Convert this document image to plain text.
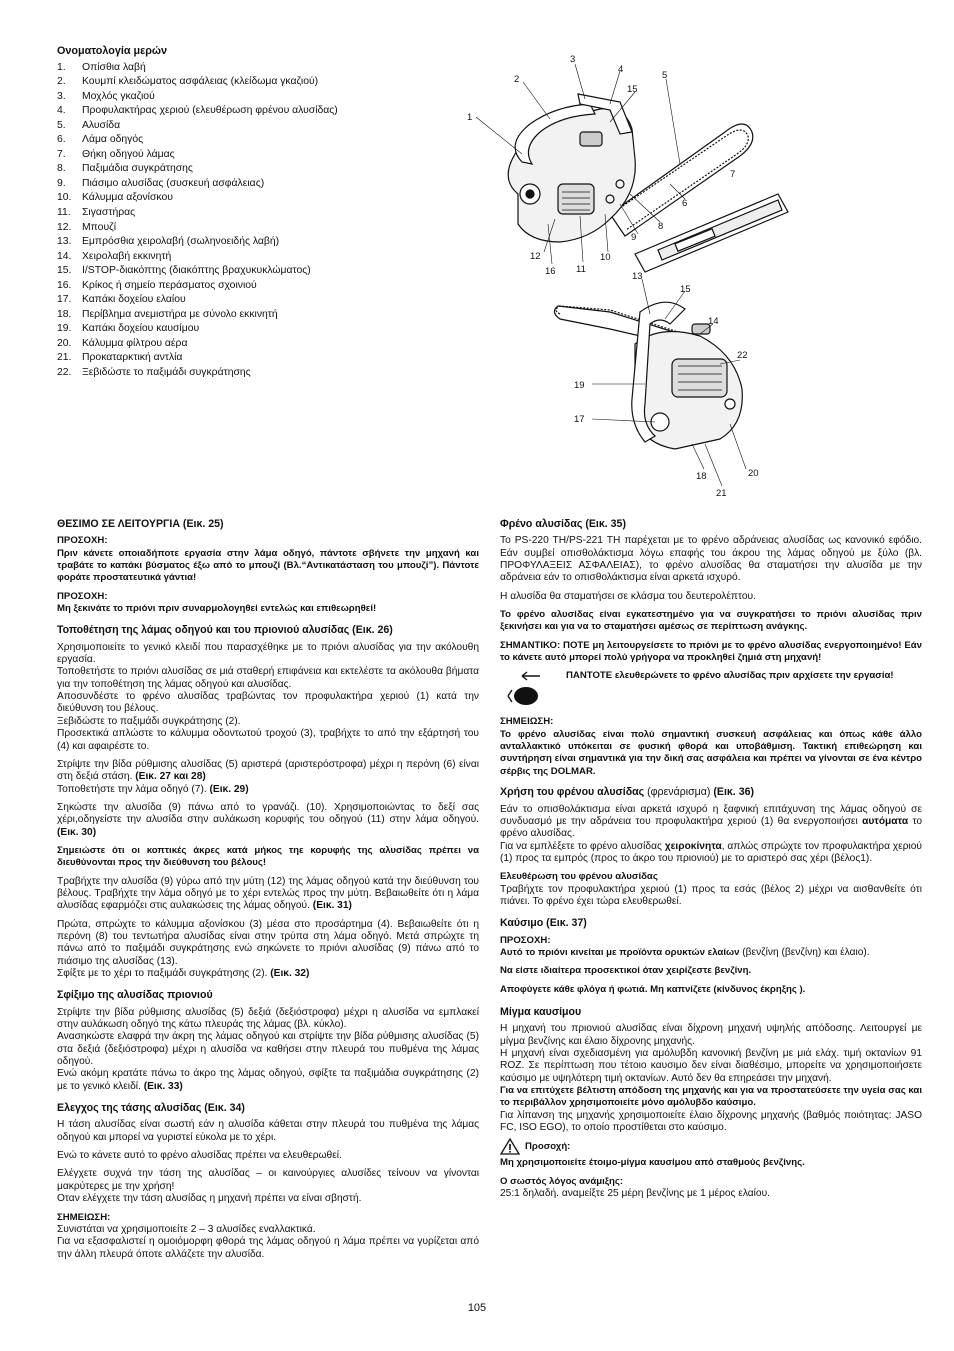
Ονοματολογία μερών
1.	Οπίσθια λαβή
2.	Κουμπί κλειδώματος ασφάλειας (κλείδωμα γκαζιού)
3.	Μοχλός γκαζιού
4.	Προφυλακτήρας χεριού (ελευθέρωση φρένου αλυσίδας)
5.	Αλυσίδα
6.	Λάμα οδηγός
7.	Θήκη οδηγού λάμας
8.	Παξιμάδια συγκράτησης
9.	Πιάσιμο αλυσίδας (συσκευή ασφάλειας)
10.	Κάλυμμα αξονίσκου
11.	Σιγαστήρας
12.	Μπουζί
13.	Εμπρόσθια χειρολαβή (σωληνοειδής λαβή)
14.	Χειρολαβή εκκινητή
15.	I/STOP-διακόπτης (διακόπτης βραχυκυκλώματος)
16.	Κρίκος ή σημείο περάσματος σχοινιού
17.	Καπάκι δοχείου ελαίου
18.	Περίβλημα ανεμιστήρα με σύνολο εκκινητή
19.	Καπάκι δοχείου καυσίμου
20.	Κάλυμμα φίλτρου αέρα
21.	Προκαταρκτική αντλία
22.	Ξεβιδώστε το παξιμάδι συγκράτησης
1
2
3
4
5
6
7
8
9
10
11
12
13
14
15
15
16
17
18
19
20
21
22

ΘΕΣΙΜΟ ΣΕ ΛΕΙΤΟΥΡΓΙΑ (Εικ. 25)

ΠΡΟΣΟΧΗ:

Πριν κάνετε οποιαδήποτε εργασία στην λάμα οδηγό, πάντοτε σβήνετε την μηχανή και τραβάτε το καπάκι βύσματος έξω από το μπουζί (Βλ.“Αντικατάσταση του μπουζί”). Πάντοτε φοράτε προστατευτικά γάντια!

ΠΡΟΣΟΧΗ:

Μη ξεκινάτε το πριόνι πριν συναρμολογηθεί εντελώς και επιθεωρηθεί!

Τοποθέτηση της λάμας οδηγού και του πριονιού αλυσίδας (Εικ. 26)

Χρησιμοποιείτε το γενικό κλειδί που παρασχέθηκε με το πριόνι αλυσίδας για την ακόλουθη εργασία.

Τοποθετήστε το πριόνι αλυσίδας σε μιά σταθερή επιφάνεια και εκτελέστε τα ακόλουθα βήματα για την τοποθέτηση της λάμας οδηγού και αλυσίδας.

Αποσυνδέστε το φρένο αλυσίδας τραβώντας τον προφυλακτήρα χεριού (1) κατά την διεύθυνση του βέλους.

Ξεβιδώστε το παξιμάδι συγκράτησης (2).

Προσεκτικά απλώστε το κάλυμμα οδοντωτού τροχού (3), τραβήχτε το από την εξάρτησή του (4) και αφαιρέστε το.

Στρίψτε την βίδα ρύθμισης αλυσίδας (5) αριστερά (αριστερόστροφα) μέχρι η περόνη (6) είναι στη δεξιά στάση. (Εικ. 27 και 28)

Τοποθετήστε την λάμα οδηγό (7). (Εικ. 29)

Σηκώστε την αλυσίδα (9) πάνω από το γρανάζι. (10). Χρησιμοποιώντας το δεξί σας χέρι,οδηγείστε την αλυσίδα στην αυλάκωση κορυφής του οδηγού (11) στην λάμα οδηγού. (Εικ. 30)

Σημειώστε ότι οι κοπτικές άκρες κατά μήκος τηε κορυφής της αλυσίδας πρέπει να διευθύνονται προς την διεύθυνση του βέλους!

Τραβήχτε την αλυσίδα (9) γύρω από την μύτη (12) της λάμας οδηγού κατά την διεύθυνση του βέλους. Τραβήχτε την λάμα οδηγό με το χέρι εντελώς προς την μύτη. Βεβαιωθείτε ότι η λάμα αλυσίδας εφαρμόζει στις αυλακώσεις της λάμας οδηγού. (Εικ. 31)

Πρώτα, σπρώχτε το κάλυμμα αξονίσκου (3) μέσα στο προσάρτημα (4). Βεβαιωθείτε ότι η περόνη (8) του τεντωτήρα αλυσίδας είναι στην τρύπα στη λάμα οδηγό. Μετά σπρώχτε τη πάνω από το παξιμάδι συγκράτησης ενώ σηκώνετε το πριόνι αλυσίδας (9) πάνω από το πιάσιμο της αλυσίδας (13).

Σφίξτε με το χέρι το παξιμάδι συγκράτησης (2). (Εικ. 32)

Σφίξιμο της αλυσίδας πριονιού

Στρίψτε την βίδα ρύθμισης αλυσίδας (5) δεξιά (δεξιόστροφα) μέχρι η αλυσίδα να εμπλακεί στην αυλάκωση οδηγό της κάτω πλευράς της λάμας (βλ. κύκλο).

Ανασηκώστε ελαφρά την άκρη της λάμας οδηγού και στρίψτε την βίδα ρύθμισης αλυσίδας (5) στα δεξιά (δεξιόστροφα) μέχρι η αλυσίδα να καθήσει στην πλευρά του πυθμένα της λάμας οδηγού.

Ενώ ακόμη κρατάτε πάνω το άκρο της λάμας οδηγού, σφίξτε τα παξιμάδια συγκράτησης (2) με το γενικό κλειδί. (Εικ. 33)

Ελεγχος της τάσης αλυσίδας (Εικ. 34)

Η τάση αλυσίδας είναι σωστή εάν η αλυσίδα κάθεται στην πλευρά του πυθμένα της λάμας οδηγού και μπορεί να γυριστεί εύκολα με το χέρι.

Ενώ το κάνετε αυτό το φρένο αλυσίδας πρέπει να ελευθερωθεί.

Ελέγχετε συχνά την τάση της αλυσίδας – οι καινούργιες αλυσίδες τείνουν να γίνονται μακρύτερες με την χρήση!

Οταν ελέγχετε την τάση αλυσίδας η μηχανή πρέπει να είναι σβηστή.

ΣΗΜΕΙΩΣΗ:

Συνιστάται να χρησιμοποιείτε 2 – 3 αλυσίδες εναλλακτικά.

Για να εξασφαλιστεί η ομοιόμορφη φθορά της λάμας οδηγού η λάμα πρέπει να γυρίζεται από την άλλη πλευρά όποτε αλλάζετε την αλυσίδα.

Φρένο αλυσίδας (Εικ. 35)

Το PS-220 TH/PS-221 TH παρέχεται με το φρένο αδράνειας αλυσίδας ως κανονικό εφόδιο. Εάν συμβεί οπισθολάκτισμα λόγω επαφής του άκρου της λάμας οδηγού με ξύλο (βλ. ΠΡΟΦΥΛΑΞΕΙΣ ΑΣΦΑΛΕΙΑΣ), το φρένο αλυσίδας θα σταματήσει την αλυσίδα με την αδράνεια εάν το οπισθολάκτισμα είναι αρκετά ισχυρό.

Η αλυσίδα θα σταματήσει σε κλάσμα του δευτερολέπτου.

Το φρένο αλυσίδας είναι εγκατεστημένο για να συγκρατήσει το πριόνι αλυσίδας πριν ξεκινήσει και για να το σταματήσει αμέσως σε περίπτωση ανάγκης.

ΣΗΜΑΝΤΙΚΟ: ΠΟΤΕ μη λειτουργείσετε το πριόνι με το φρένο αλυσίδας ενεργοποιημένο! Εάν το κάνετε αυτό μπορεί πολύ γρήγορα να προκληθεί ζημιά στη μηχανή!

ΠΑΝΤΟΤΕ ελευθερώνετε το φρένο αλυσίδας πριν αρχίσετε την εργασία!

ΣΗΜΕΙΩΣΗ:

Το φρένο αλυσίδας είναι πολύ σημαντική συσκευή ασφάλειας και όπως κάθε άλλο ανταλλακτικό υπόκειται σε φυσική φθορά και υποβάθμιση. Τακτική επιθεώρηση και συντήρηση είναι σημαντικά για την δική σας ασφάλεια και πρέπει να γίνονται σε ένα κέντρο σέρβις της DOLMAR.

Χρήση του φρένου αλυσίδας (φρενάρισμα) (Εικ. 36)

Εάν το οπισθολάκτισμα είναι αρκετά ισχυρό η ξαφνική επιτάχυνση της λάμας οδηγού σε συνδυασμό με την αδράνεια του προφυλακτήρα χεριού (1) θα ενεργοποιήσει αυτόματα το φρένο αλυσίδας.

Για να εμπλέξετε το φρένο αλυσίδας χειροκίνητα, απλώς σπρώχτε τον προφυλακτήρα χεριού (1) προς τα εμπρός (προς το άκρο του πριονιού) με το αριστερό σας χέρι (βέλος1).

Ελευθέρωση του φρένου αλυσίδας

Τραβήχτε τον προφυλακτήρα χεριού (1) προς τα εσάς (βέλος 2) μέχρι να αισθανθείτε ότι πιάνει. Το φρένο έχει τώρα ελευθερωθεί.

Καύσιμο (Εικ. 37)

ΠΡΟΣΟΧΗ:

Αυτό το πριόνι κινείται με προϊόντα ορυκτών ελαίων (βενζίνη (βενζίνη) και έλαιο).

Να είστε ιδιαίτερα προσεκτικοί όταν χειρίζεστε βενζίνη.

Αποφύγετε κάθε φλόγα ή φωτιά. Μη καπνίζετε (κίνδυνος έκρηξης ).

Μίγμα καυσίμου

Η μηχανή του πριονιού αλυσίδας είναι δίχρονη μηχανή υψηλής απόδοσης. Λειτουργεί με μίγμα βενζίνης και έλαιο δίχρονης μηχανής.

Η μηχανή είναι σχεδιασμένη για αμόλυβδη κανονική βενζίνη με μιά ελάχ. τιμή οκτανίων 91 ROZ. Σε περίπτωση που τέτοιο καυσιμο δεν είναι διαθέσιμο, μπορείτε να χρησιμοποιήσετε καύσιμο με υψηλότερη τιμή οκτανίων. Αυτό δεν θα επηρεάσει την μηχανή.

Για να επιτύχετε βέλτιστη απόδοση της μηχανής και για να προστατεύσετε την υγεία σας και το περιβάλλον χρησιμοποιείτε μόνο αμόλυβδο καύσιμο.

Για λίπανση της μηχανής χρησιμοποιείτε έλαιο δίχρονης μηχανής (βαθμός ποιότητας: JASO FC, ISO EGO), το οποίο προστίθεται στο καύσιμο.

Προσοχή:

Μη χρησιμοποιείτε έτοιμο-μίγμα καυσίμου από σταθμούς βενζίνης.

Ο σωστός λόγος ανάμιξης:

25:1 δηλαδή. αναμείξτε 25 μέρη βενζίνης με 1 μέρος ελαίου.

105
